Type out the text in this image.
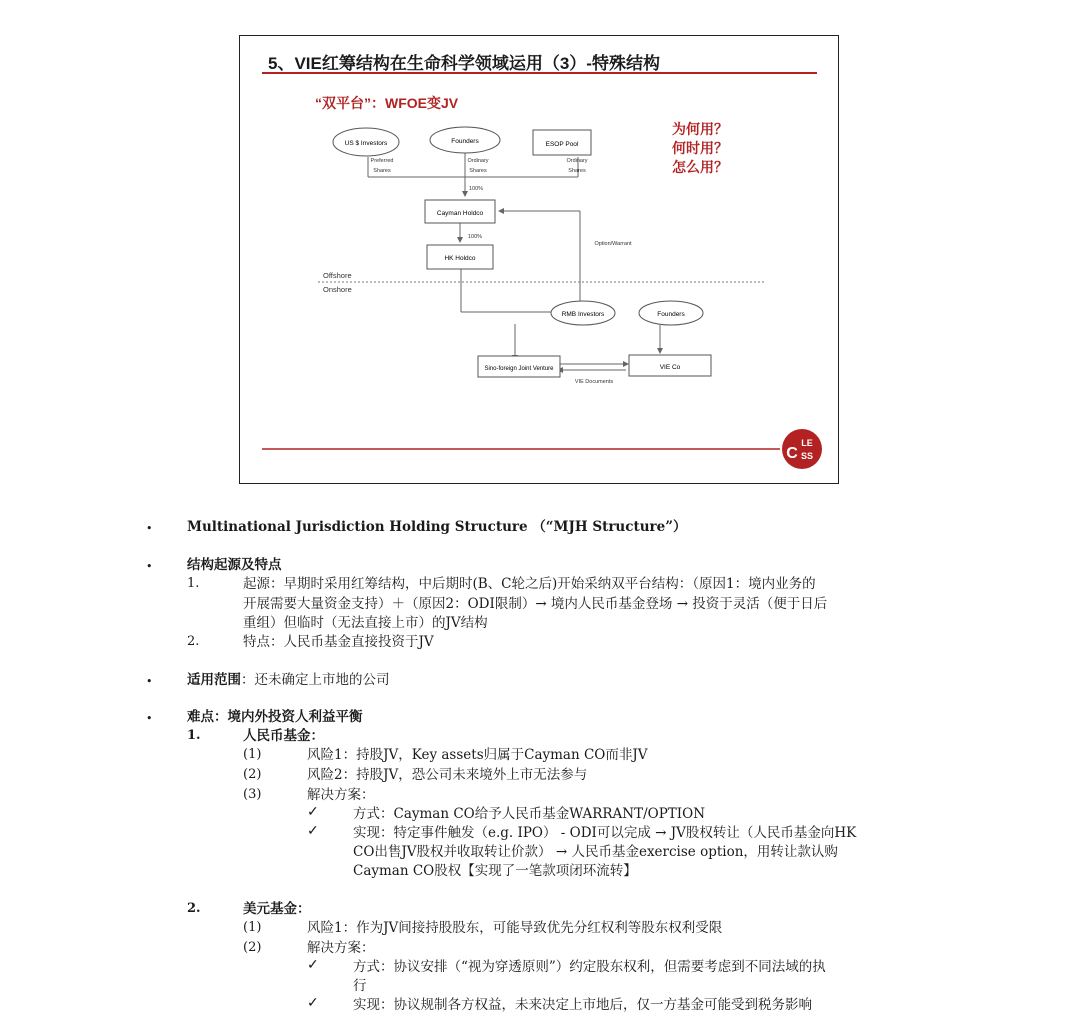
5、VIE红筹结构在生命科学领域运用（3）-特殊结构
“双平台”：WFOE变JV
为何用？
何时用？
怎么用？
US $ Investors	Founders	ESOP Pool
Cayman Holdco
HK Holdco
RMB Investors	Founders
Sino-foreign Joint Venture	VIE Co
Preferred
Shares
Ordinary
Shares
Ordinary
Shares
100%
100%
Option/Warrant
VIE Documents
Offshore
Onshore
C
LE
SS
•	Multinational Jurisdiction Holding Structure （“MJH Structure”）
•	结构起源及特点
1.	起源：早期时采用红筹结构，中后期时(B、C轮之后)开始采纳双平台结构：（原因1：境内业务的
开展需要大量资金支持）＋（原因2：ODI限制）→ 境内人民币基金登场 → 投资于灵活（便于日后
重组）但临时（无法直接上市）的JV结构
2.	特点：人民币基金直接投资于JV
•	适用范围：还未确定上市地的公司
•	难点：境内外投资人利益平衡
1.	人民币基金：
(1)	风险1：持股JV，Key assets归属于Cayman CO而非JV
(2)	风险2：持股JV，恐公司未来境外上市无法参与
(3)	解决方案：
✓	方式：Cayman CO给予人民币基金WARRANT/OPTION
✓	实现：特定事件触发（e.g. IPO） - ODI可以完成 → JV股权转让（人民币基金向HK
CO出售JV股权并收取转让价款） → 人民币基金exercise option，用转让款认购
Cayman CO股权【实现了一笔款项闭环流转】
2.	美元基金：
(1)	风险1：作为JV间接持股股东，可能导致优先分红权利等股东权利受限
(2)	解决方案：
✓	方式：协议安排（“视为穿透原则”）约定股东权利，但需要考虑到不同法域的执
行
✓	实现：协议规制各方权益，未来决定上市地后，仅一方基金可能受到税务影响
